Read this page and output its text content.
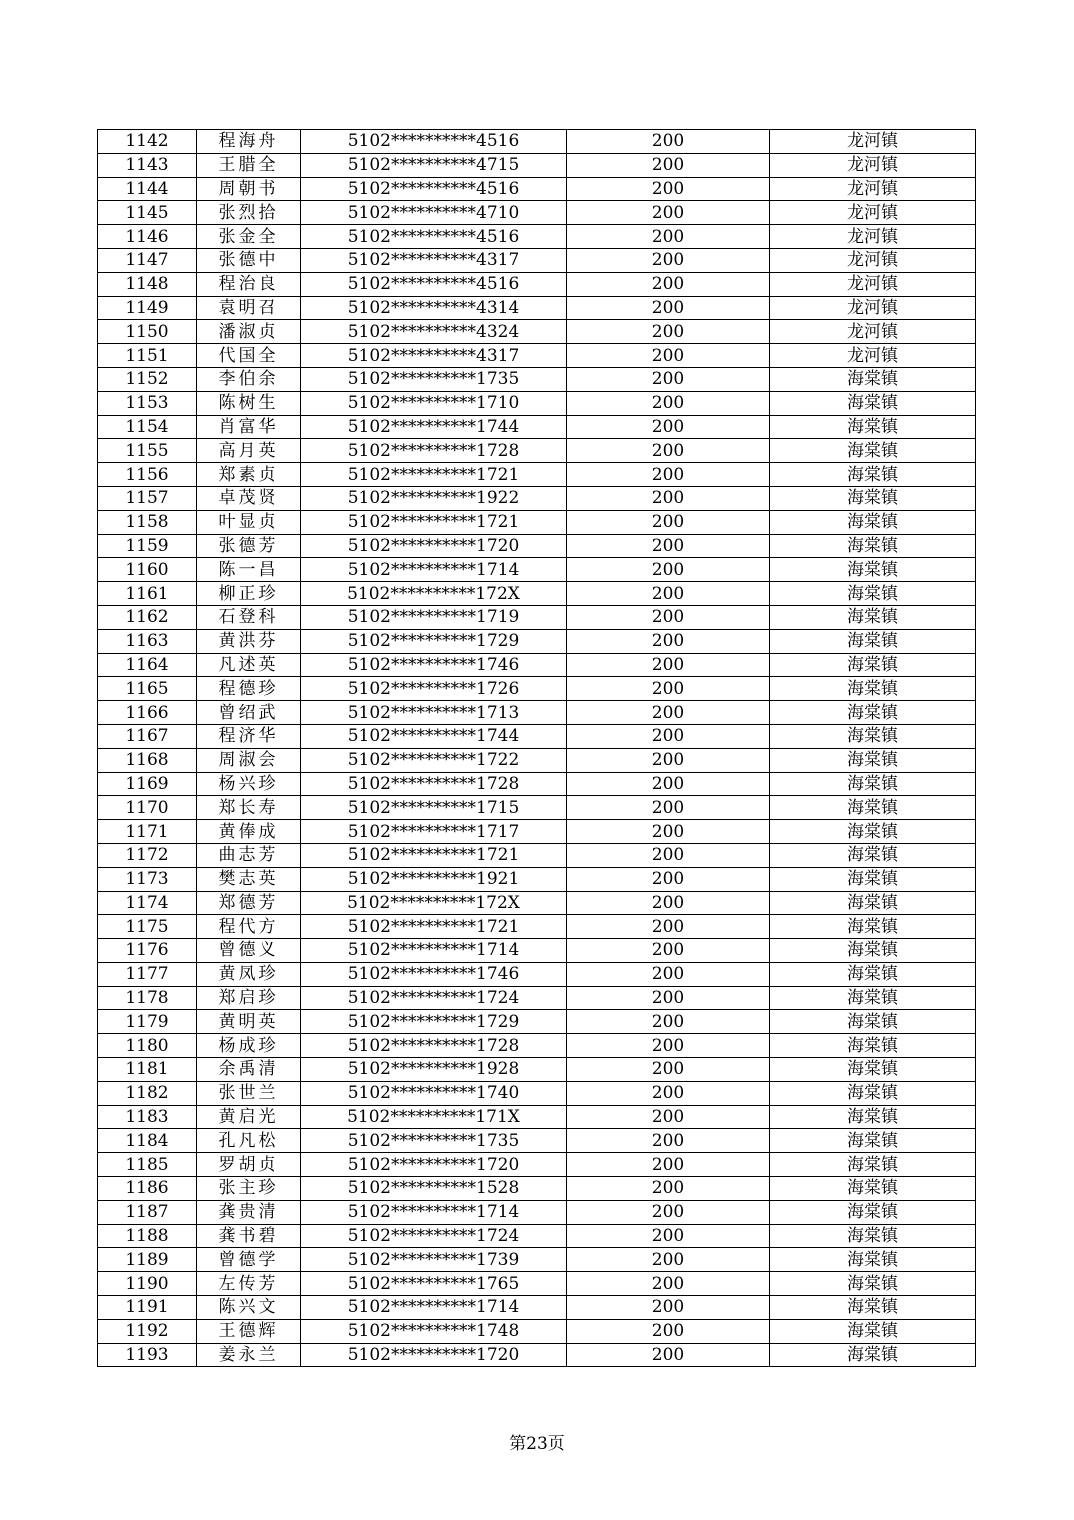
1142	程海舟	5102**********4516	200	龙河镇
1143	王腊全	5102**********4715	200	龙河镇
1144	周朝书	5102**********4516	200	龙河镇
1145	张烈拾	5102**********4710	200	龙河镇
1146	张金全	5102**********4516	200	龙河镇
1147	张德中	5102**********4317	200	龙河镇
1148	程治良	5102**********4516	200	龙河镇
1149	袁明召	5102**********4314	200	龙河镇
1150	潘淑贞	5102**********4324	200	龙河镇
1151	代国全	5102**********4317	200	龙河镇
1152	李伯余	5102**********1735	200	海棠镇
1153	陈树生	5102**********1710	200	海棠镇
1154	肖富华	5102**********1744	200	海棠镇
1155	高月英	5102**********1728	200	海棠镇
1156	郑素贞	5102**********1721	200	海棠镇
1157	卓茂贤	5102**********1922	200	海棠镇
1158	叶显贞	5102**********1721	200	海棠镇
1159	张德芳	5102**********1720	200	海棠镇
1160	陈一昌	5102**********1714	200	海棠镇
1161	柳正珍	5102**********172X	200	海棠镇
1162	石登科	5102**********1719	200	海棠镇
1163	黄洪芬	5102**********1729	200	海棠镇
1164	凡述英	5102**********1746	200	海棠镇
1165	程德珍	5102**********1726	200	海棠镇
1166	曾绍武	5102**********1713	200	海棠镇
1167	程济华	5102**********1744	200	海棠镇
1168	周淑会	5102**********1722	200	海棠镇
1169	杨兴珍	5102**********1728	200	海棠镇
1170	郑长寿	5102**********1715	200	海棠镇
1171	黄俸成	5102**********1717	200	海棠镇
1172	曲志芳	5102**********1721	200	海棠镇
1173	樊志英	5102**********1921	200	海棠镇
1174	郑德芳	5102**********172X	200	海棠镇
1175	程代方	5102**********1721	200	海棠镇
1176	曾德义	5102**********1714	200	海棠镇
1177	黄凤珍	5102**********1746	200	海棠镇
1178	郑启珍	5102**********1724	200	海棠镇
1179	黄明英	5102**********1729	200	海棠镇
1180	杨成珍	5102**********1728	200	海棠镇
1181	余禹清	5102**********1928	200	海棠镇
1182	张世兰	5102**********1740	200	海棠镇
1183	黄启光	5102**********171X	200	海棠镇
1184	孔凡松	5102**********1735	200	海棠镇
1185	罗胡贞	5102**********1720	200	海棠镇
1186	张主珍	5102**********1528	200	海棠镇
1187	龚贵清	5102**********1714	200	海棠镇
1188	龚书碧	5102**********1724	200	海棠镇
1189	曾德学	5102**********1739	200	海棠镇
1190	左传芳	5102**********1765	200	海棠镇
1191	陈兴文	5102**********1714	200	海棠镇
1192	王德辉	5102**********1748	200	海棠镇
1193	姜永兰	5102**********1720	200	海棠镇
第23页
